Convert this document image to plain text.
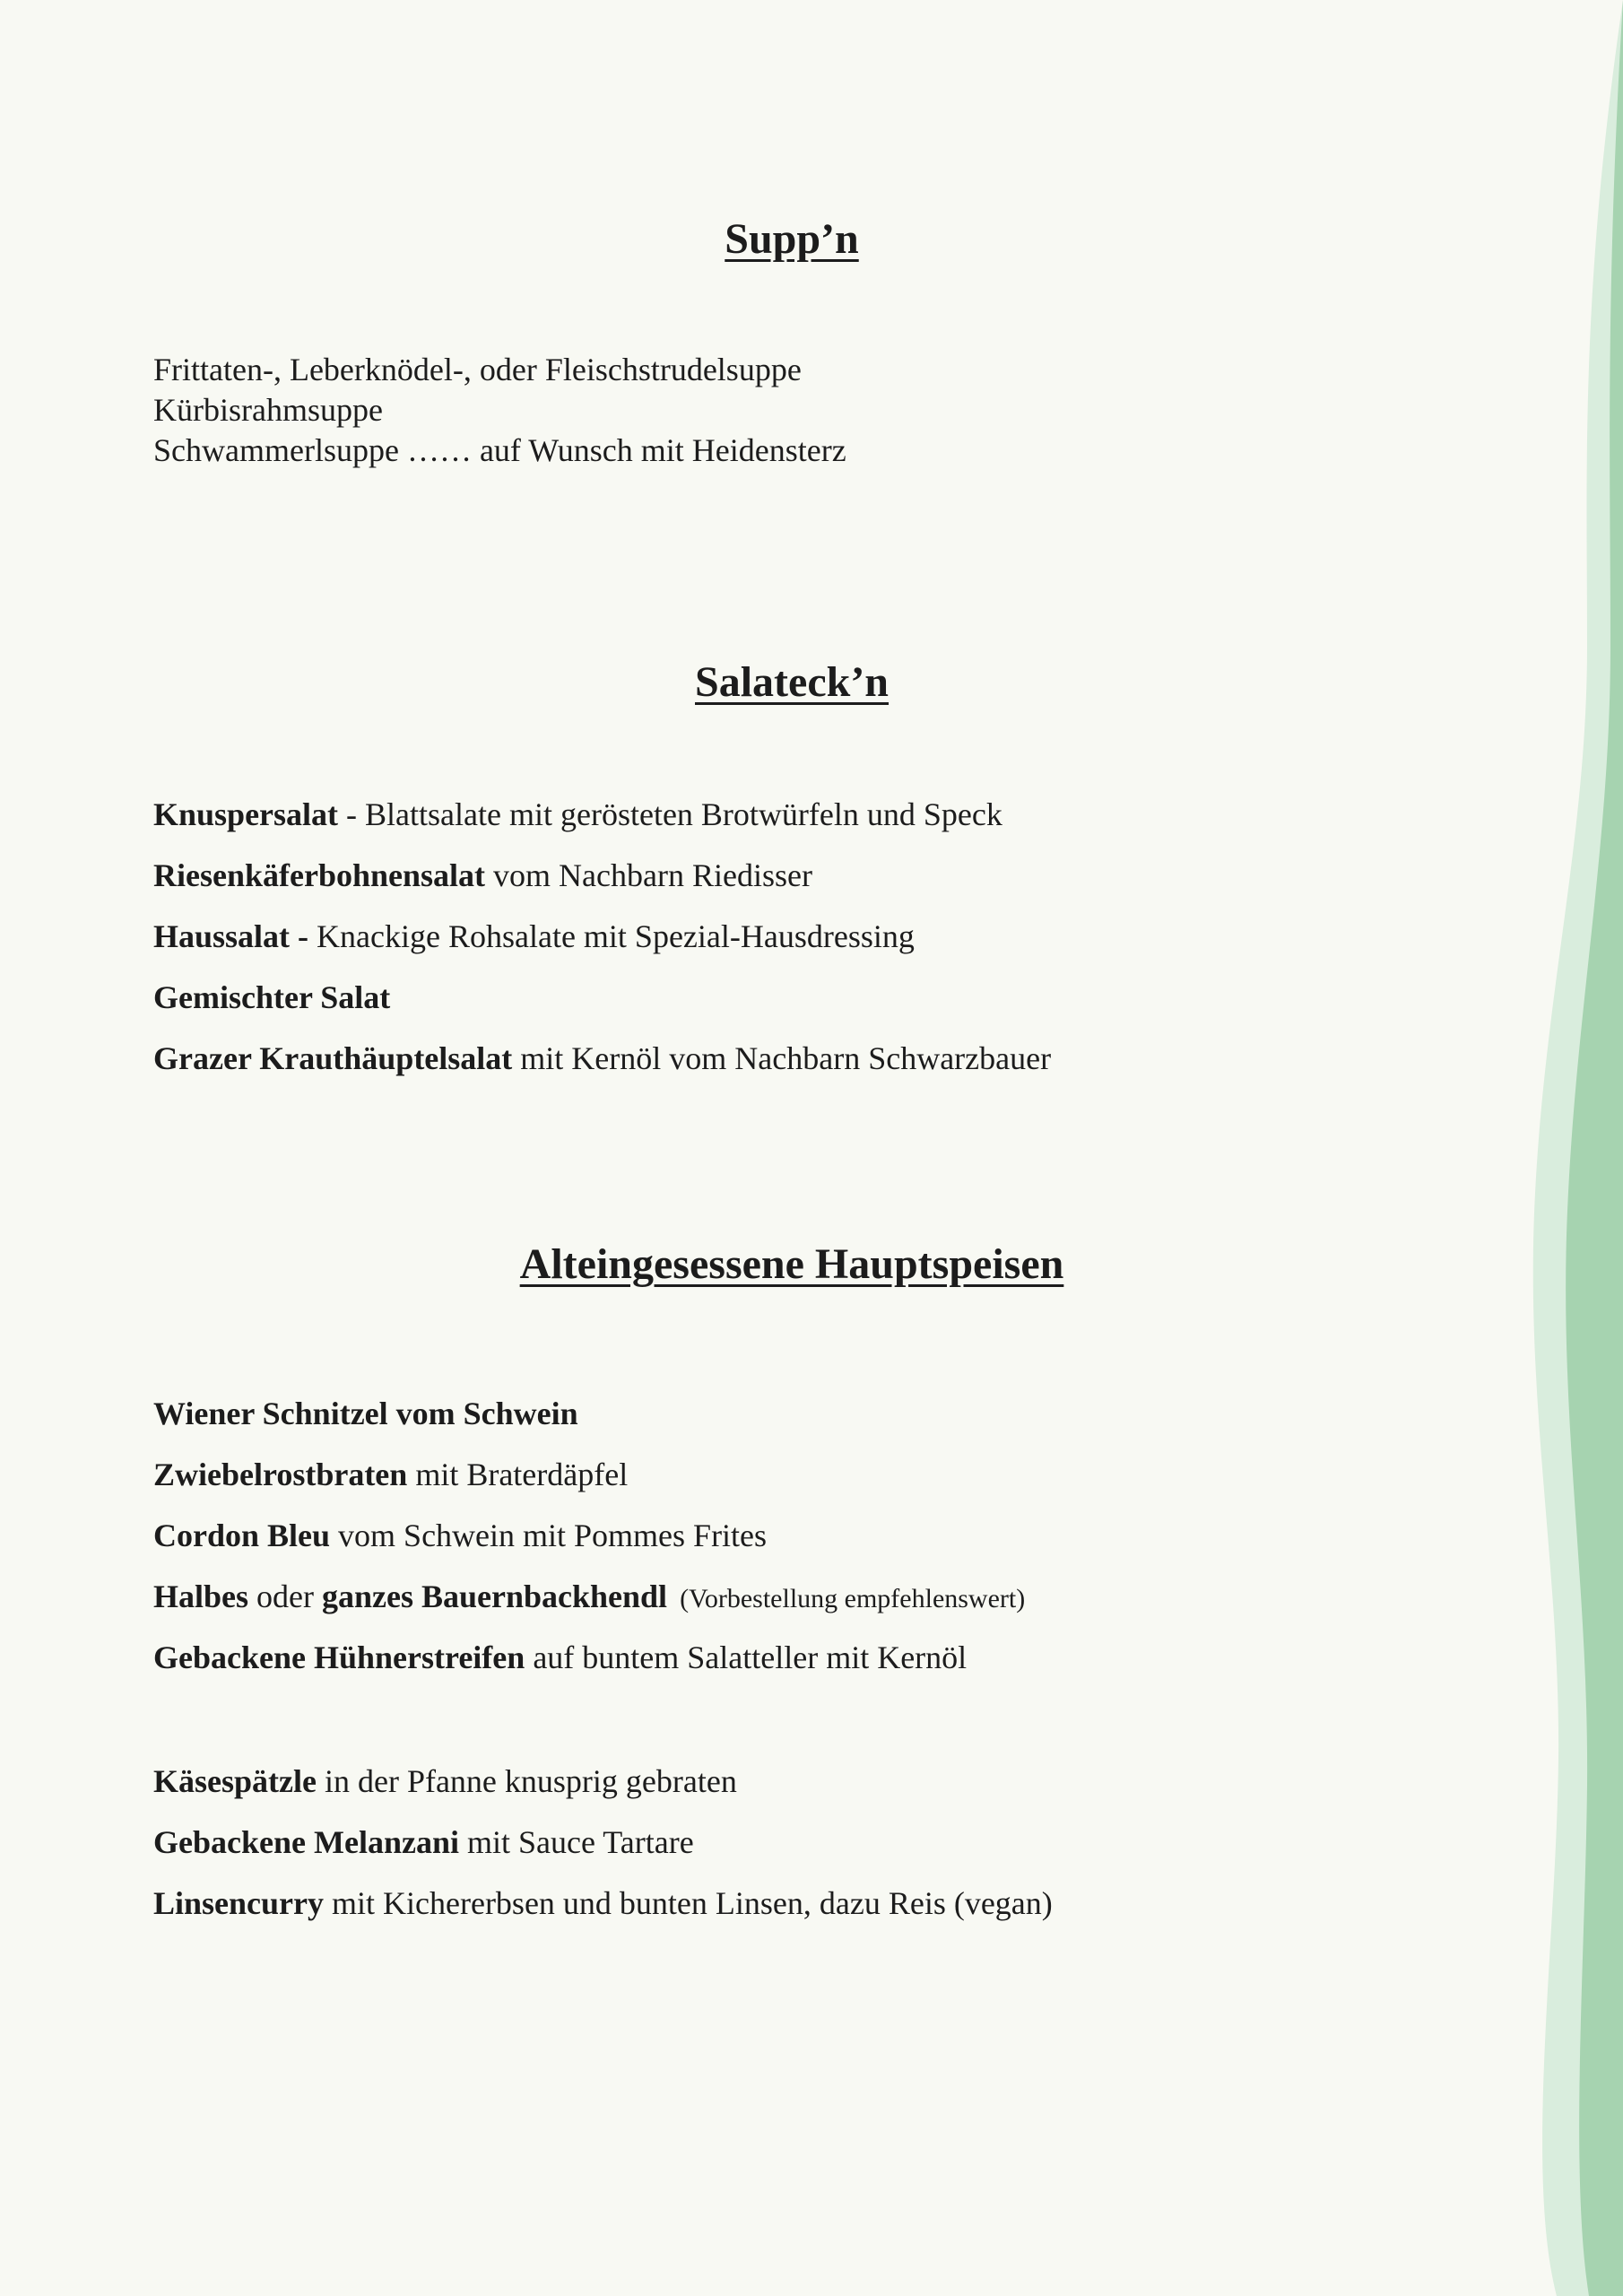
Supp’n
Frittaten-, Leberknödel-, oder Fleischstrudelsuppe
Kürbisrahmsuppe
Schwammerlsuppe …… auf Wunsch mit Heidensterz
Salateck’n
Knuspersalat - Blattsalate mit gerösteten Brotwürfeln und Speck
Riesenkäferbohnensalat vom Nachbarn Riedisser
Haussalat - Knackige Rohsalate mit Spezial-Hausdressing
Gemischter Salat
Grazer Krauthäuptelsalat mit Kernöl vom Nachbarn Schwarzbauer
Alteingesessene Hauptspeisen
Wiener Schnitzel vom Schwein
Zwiebelrostbraten mit Braterdäpfel
Cordon Bleu vom Schwein mit Pommes Frites
Halbes oder ganzes Bauernbackhendl (Vorbestellung empfehlenswert)
Gebackene Hühnerstreifen auf buntem Salatteller mit Kernöl
Käsespätzle in der Pfanne knusprig gebraten
Gebackene Melanzani mit Sauce Tartare
Linsencurry mit Kichererbsen und bunten Linsen, dazu Reis (vegan)
